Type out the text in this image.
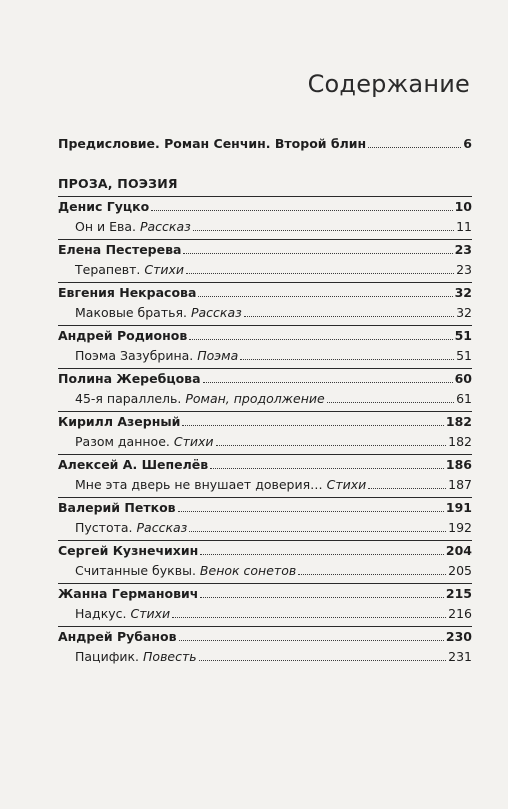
Содержание
Предисловие. Роман Сенчин. Второй блин	6
ПРОЗА, ПОЭЗИЯ
Денис Гуцко	10
Он и Ева. Рассказ	11
Елена Пестерева	23
Терапевт. Стихи	23
Евгения Некрасова	32
Маковые братья. Рассказ	32
Андрей Родионов	51
Поэма Зазубрина. Поэма	51
Полина Жеребцова	60
45-я параллель. Роман, продолжение	61
Кирилл Азерный	182
Разом данное. Стихи	182
Алексей А. Шепелёв	186
Мне эта дверь не внушает доверия… Стихи	187
Валерий Петков	191
Пустота. Рассказ	192
Сергей Кузнечихин	204
Считанные буквы. Венок сонетов	205
Жанна Германович	215
Надкус. Стихи	216
Андрей Рубанов	230
Пацифик. Повесть	231
